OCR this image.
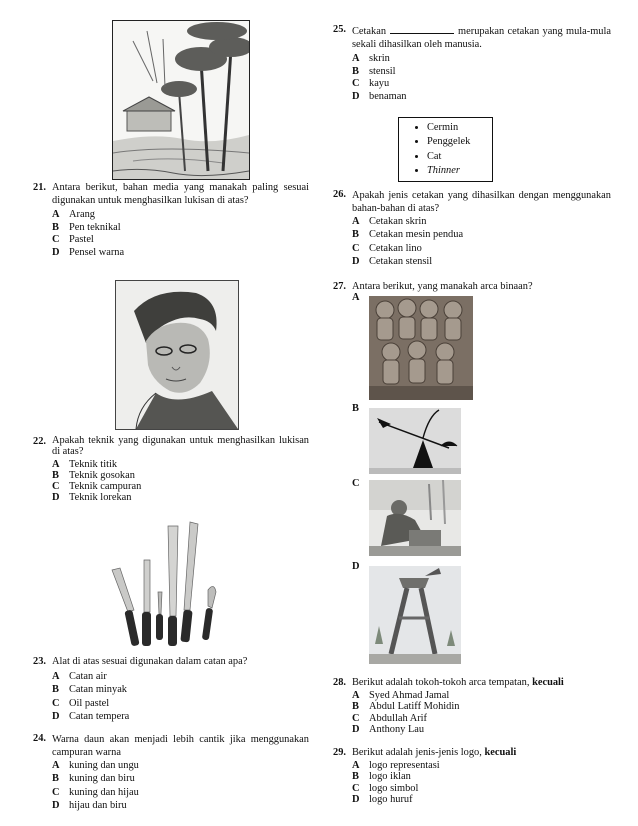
21. Antara berikut, bahan media yang manakah paling sesuai digunakan untuk menghasilkan lukisan di atas?
A Arang
B Pen teknikal
C Pastel
D Pensel warna
22. Apakah teknik yang digunakan untuk menghasilkan lukisan di atas?
A Teknik titik
B Teknik gosokan
C Teknik campuran
D Teknik lorekan
23. Alat di atas sesuai digunakan dalam catan apa?
A Catan air
B Catan minyak
C Oil pastel
D Catan tempera
24. Warna daun akan menjadi lebih cantik jika menggunakan campuran warna
A kuning dan ungu
B kuning dan biru
C kuning dan hijau
D hijau dan biru
25. Cetakan	merupakan cetakan yang mula-mula sekali dihasilkan oleh manusia.
A skrin
B stensil
C kayu
D benaman
• Cermin
• Penggelek
• Cat
• Thinner
26. Apakah jenis cetakan yang dihasilkan dengan menggunakan bahan-bahan di atas?
A Cetakan skrin
B Cetakan mesin pendua
C Cetakan lino
D Cetakan stensil
27. Antara berikut, yang manakah arca binaan?
A
B
C
D
28. Berikut adalah tokoh-tokoh arca tempatan, kecuali
A Syed Ahmad Jamal
B Abdul Latiff Mohidin
C Abdullah Arif
D Anthony Lau
29. Berikut adalah jenis-jenis logo, kecuali
A logo representasi
B logo iklan
C logo simbol
D logo huruf
